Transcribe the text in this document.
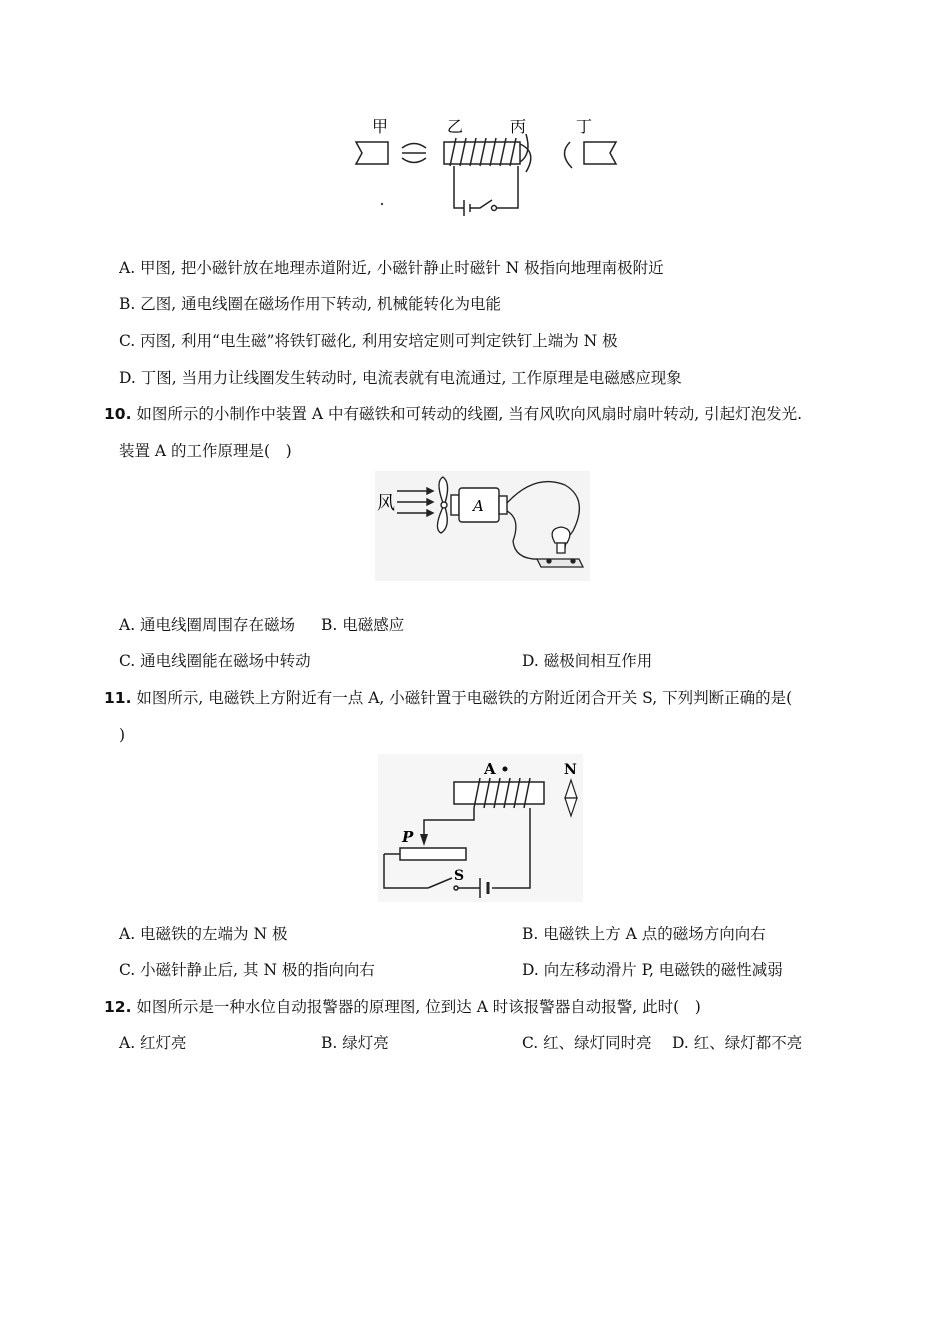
甲	乙	丙	丁
A. 甲图, 把小磁针放在地理赤道附近, 小磁针静止时磁针 N 极指向地理南极附近
B. 乙图, 通电线圈在磁场作用下转动, 机械能转化为电能
C. 丙图, 利用“电生磁”将铁钉磁化, 利用安培定则可判定铁钉上端为 N 极
D. 丁图, 当用力让线圈发生转动时, 电流表就有电流通过, 工作原理是电磁感应现象
10. 如图所示的小制作中装置 A 中有磁铁和可转动的线圈, 当有风吹向风扇时扇叶转动, 引起灯泡发光.
装置 A 的工作原理是(　)
风	A
A. 通电线圈周围存在磁场 B. 电磁感应
C. 通电线圈能在磁场中转动	D. 磁极间相互作用
11. 如图所示, 电磁铁上方附近有一点 A, 小磁针置于电磁铁的方附近闭合开关 S, 下列判断正确的是(
)
A	N
P
S
A. 电磁铁的左端为 N 极	B. 电磁铁上方 A 点的磁场方向向右
C. 小磁针静止后, 其 N 极的指向向右	D. 向左移动滑片 P, 电磁铁的磁性减弱
12. 如图所示是一种水位自动报警器的原理图, 位到达 A 时该报警器自动报警, 此时(　)
A. 红灯亮	B. 绿灯亮	C. 红、绿灯同时亮 D. 红、绿灯都不亮
